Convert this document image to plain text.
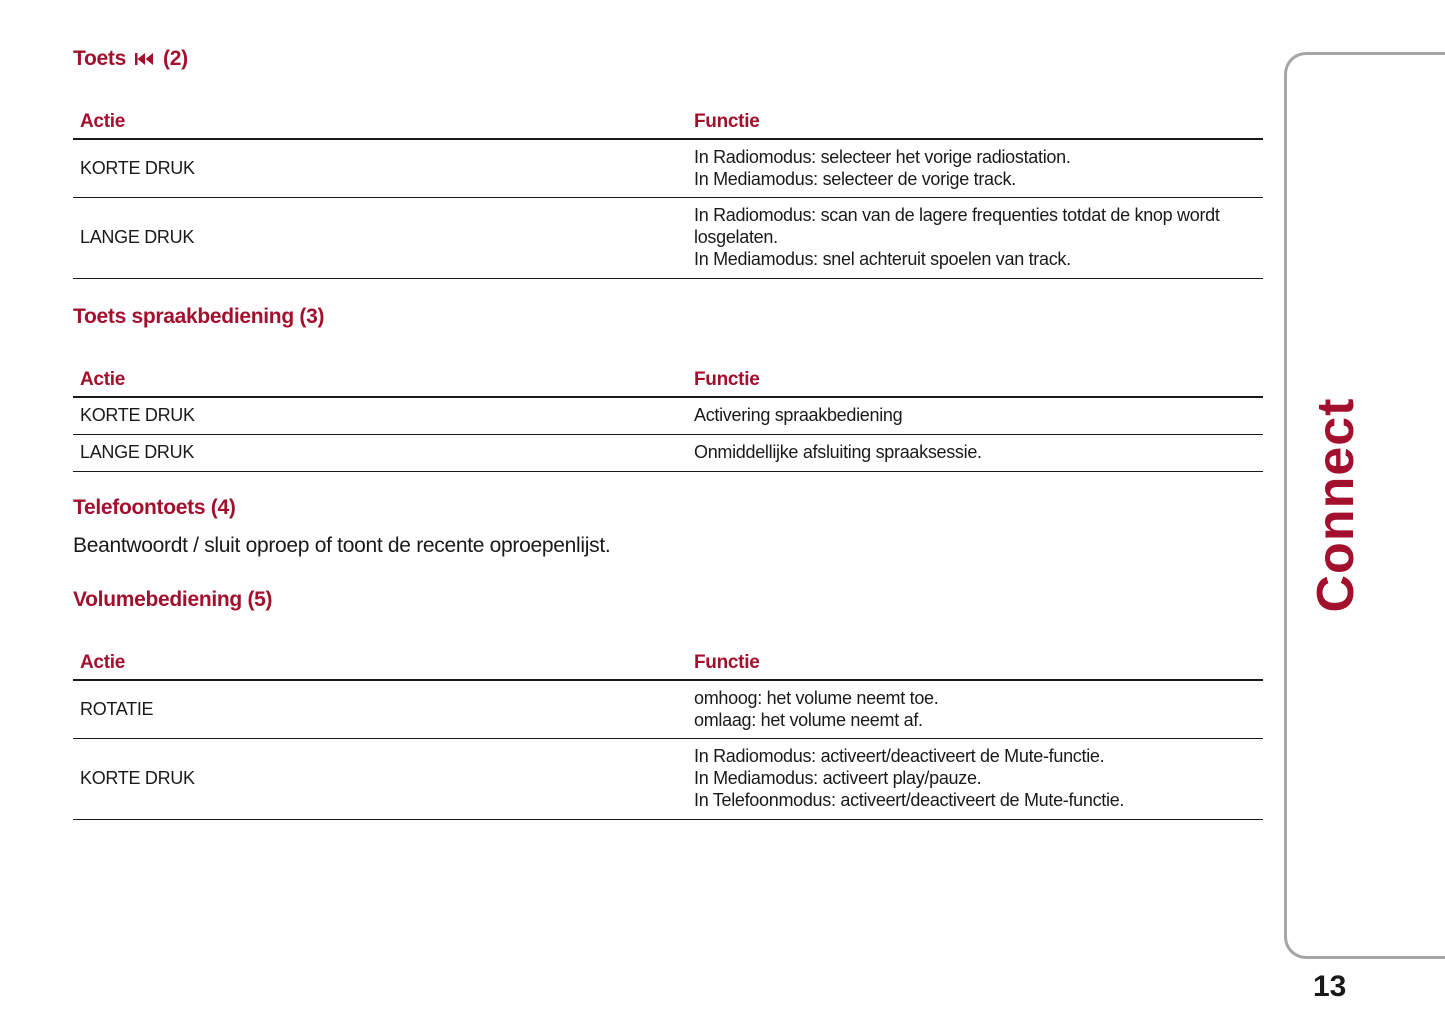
Toets (2)
Actie	Functie
KORTE DRUK	In Radiomodus: selecteer het vorige radiostation.
In Mediamodus: selecteer de vorige track.

LANGE DRUK	In Radiomodus: scan van de lagere frequenties totdat de knop wordt
losgelaten.
In Mediamodus: snel achteruit spoelen van track.
Toets spraakbediening (3)
Actie	Functie
KORTE DRUK	Activering spraakbediening

LANGE DRUK	Onmiddellijke afsluiting spraaksessie.
Telefoontoets (4)

Beantwoordt / sluit oproep of toont de recente oproepenlijst.

Volumebediening (5)
Actie	Functie
ROTATIE	omhoog: het volume neemt toe.
omlaag: het volume neemt af.

KORTE DRUK	In Radiomodus: activeert/deactiveert de Mute-functie.
In Mediamodus: activeert play/pauze.
In Telefoonmodus: activeert/deactiveert de Mute-functie.
Connect
13
